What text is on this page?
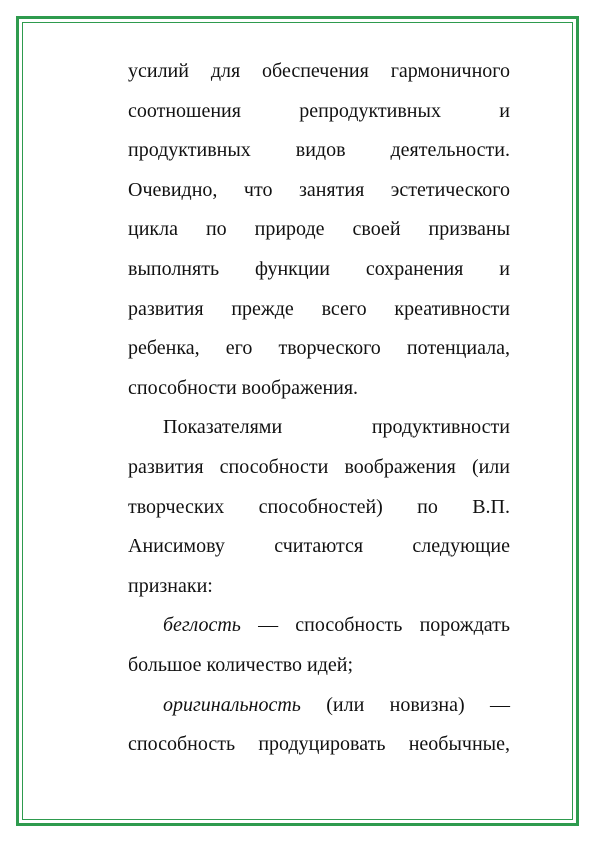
усилий для обеспечения гармоничного
соотношения репродуктивных и
продуктивных видов деятельности.
Очевидно, что занятия эстетического
цикла по природе своей призваны
выполнять функции сохранения и
развития прежде всего креативности
ребенка, его творческого потенциала,
способности воображения.
Показателями продуктивности
развития способности воображения (или
творческих способностей) по В.П.
Анисимову считаются следующие
признаки:
беглость — способность порождать
большое количество идей;
оригинальность (или новизна) —
способность продуцировать необычные,
